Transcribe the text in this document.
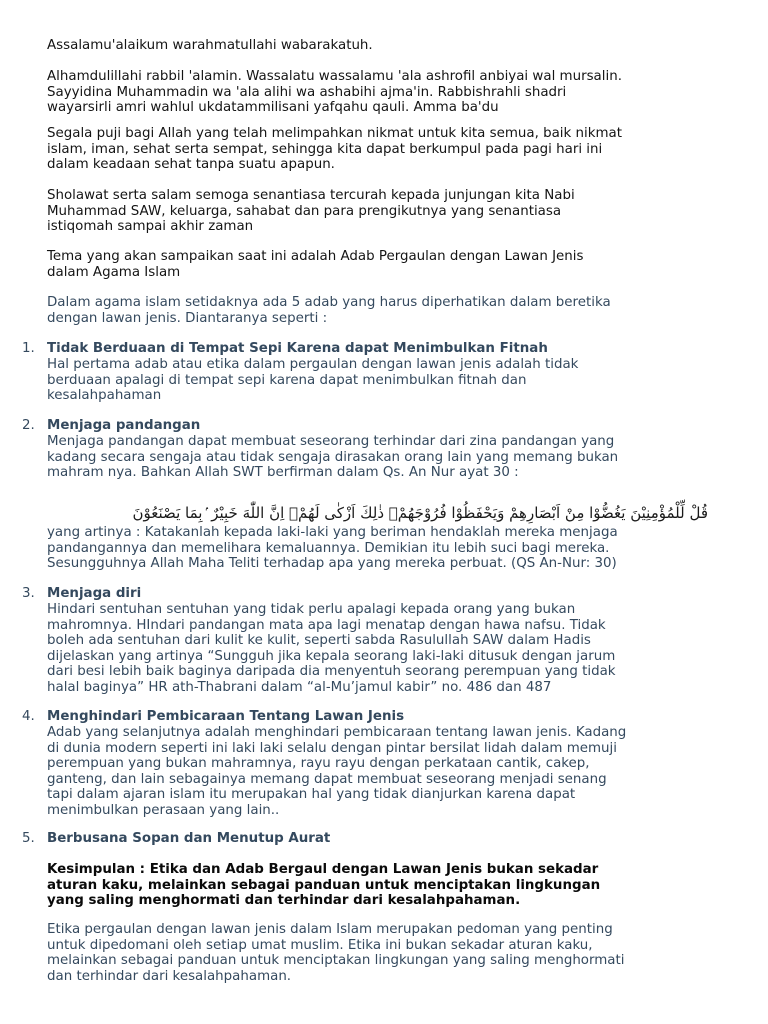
Assalamu'alaikum warahmatullahi wabarakatuh.

Alhamdulillahi rabbil 'alamin. Wassalatu wassalamu 'ala ashrofil anbiyai wal mursalin.
Sayyidina Muhammadin wa 'ala alihi wa ashabihi ajma'in. Rabbishrahli shadri
wayarsirli amri wahlul ukdatammilisani yafqahu qauli. Amma ba'du

Segala puji bagi Allah yang telah melimpahkan nikmat untuk kita semua, baik nikmat
islam, iman, sehat serta sempat, sehingga kita dapat berkumpul pada pagi hari ini
dalam keadaan sehat tanpa suatu apapun.

Sholawat serta salam semoga senantiasa tercurah kepada junjungan kita Nabi
Muhammad SAW, keluarga, sahabat dan para prengikutnya yang senantiasa
istiqomah sampai akhir zaman

Tema yang akan sampaikan saat ini adalah Adab Pergaulan dengan Lawan Jenis
dalam Agama Islam

Dalam agama islam setidaknya ada 5 adab yang harus diperhatikan dalam beretika
dengan lawan jenis. Diantaranya seperti :

1. Tidak Berduaan di Tempat Sepi Karena dapat Menimbulkan Fitnah

Hal pertama adab atau etika dalam pergaulan dengan lawan jenis adalah tidak
berduaan apalagi di tempat sepi karena dapat menimbulkan fitnah dan
kesalahpahaman

2. Menjaga pandangan

Menjaga pandangan dapat membuat seseorang terhindar dari zina pandangan yang
kadang secara sengaja atau tidak sengaja dirasakan orang lain yang memang bukan
mahram nya. Bahkan Allah SWT berfirman dalam Qs. An Nur ayat 30 :

قُلْ لِّلْمُؤْمِنِيْنَ يَغُضُّوْا مِنْ اَبْصَارِهِمْ وَيَحْفَظُوْا فُرُوْجَهُمْۗ ذٰلِكَ اَزْكٰى لَهُمْۗ اِنَّ اللّٰهَ خَبِيْرٌ ۢبِمَا يَصْنَعُوْنَ

yang artinya : Katakanlah kepada laki-laki yang beriman hendaklah mereka menjaga
pandangannya dan memelihara kemaluannya. Demikian itu lebih suci bagi mereka.
Sesungguhnya Allah Maha Teliti terhadap apa yang mereka perbuat. (QS An-Nur: 30)

3. Menjaga diri

Hindari sentuhan sentuhan yang tidak perlu apalagi kepada orang yang bukan
mahromnya. HIndari pandangan mata apa lagi menatap dengan hawa nafsu. Tidak
boleh ada sentuhan dari kulit ke kulit, seperti sabda Rasulullah SAW dalam Hadis
dijelaskan yang artinya “Sungguh jika kepala seorang laki-laki ditusuk dengan jarum
dari besi lebih baik baginya daripada dia menyentuh seorang perempuan yang tidak
halal baginya” HR ath-Thabrani dalam “al-Mu’jamul kabir” no. 486 dan 487

4. Menghindari Pembicaraan Tentang Lawan Jenis

Adab yang selanjutnya adalah menghindari pembicaraan tentang lawan jenis. Kadang
di dunia modern seperti ini laki laki selalu dengan pintar bersilat lidah dalam memuji
perempuan yang bukan mahramnya, rayu rayu dengan perkataan cantik, cakep,
ganteng, dan lain sebagainya memang dapat membuat seseorang menjadi senang
tapi dalam ajaran islam itu merupakan hal yang tidak dianjurkan karena dapat
menimbulkan perasaan yang lain..

5. Berbusana Sopan dan Menutup Aurat

Kesimpulan : Etika dan Adab Bergaul dengan Lawan Jenis bukan sekadar
aturan kaku, melainkan sebagai panduan untuk menciptakan lingkungan
yang saling menghormati dan terhindar dari kesalahpahaman.

Etika pergaulan dengan lawan jenis dalam Islam merupakan pedoman yang penting
untuk dipedomani oleh setiap umat muslim. Etika ini bukan sekadar aturan kaku,
melainkan sebagai panduan untuk menciptakan lingkungan yang saling menghormati
dan terhindar dari kesalahpahaman.
